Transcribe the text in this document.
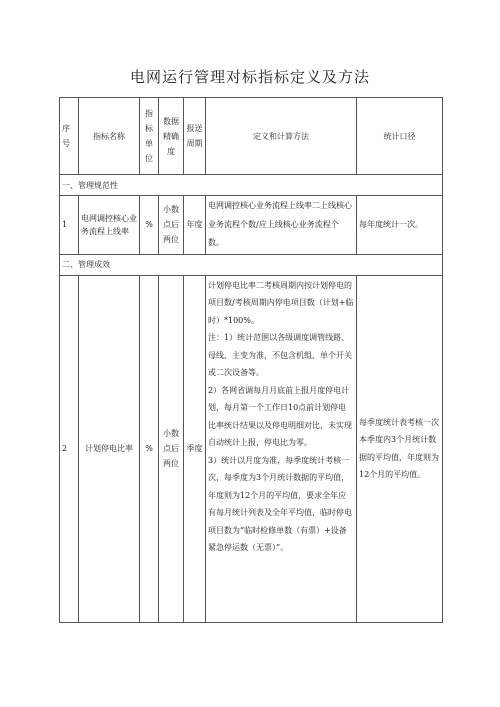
电网运行管理对标指标定义及方法
序号	指标名称	指标单位	数据精确度	报送周期	定义和计算方法	统计口径
一、管理规范性						
1	电网调控核心业务流程上线率	%	小数点后两位	年度	电网调控核心业务流程上线率二上线核心业务流程个数/应上线核心业务流程个数。	每年度统计一次。
二、管理成效						
2	计划停电比率	%	小数点后两位	季度	计划停电比率二考核周期内按计划停电的项目数/考核周期内停电项目数（计划+临时）*100%。
注：1）统计范围以各级调度调管线路、母线、主变为准，不包含机组、单个开关或二次设备等。
2）各网省调每月月底前上报月度停电计划，每月第一个工作日10点前计划停电比率统计结果以及停电明细对比，未实现自动统计上报，停电比为零。
3）统计以月度为准，每季度统计考核一次，每季度为3个月统计数据的平均值，年度则为12个月的平均值，要求全年应有每月统计列表及全年平均值，临时停电项目数为“临时检修单数（有票）+设备紧急停运数（无票）”。	每季度统计表考核一次本季度内3个月统计数据的平均值，年度则为12个月的平均值。
